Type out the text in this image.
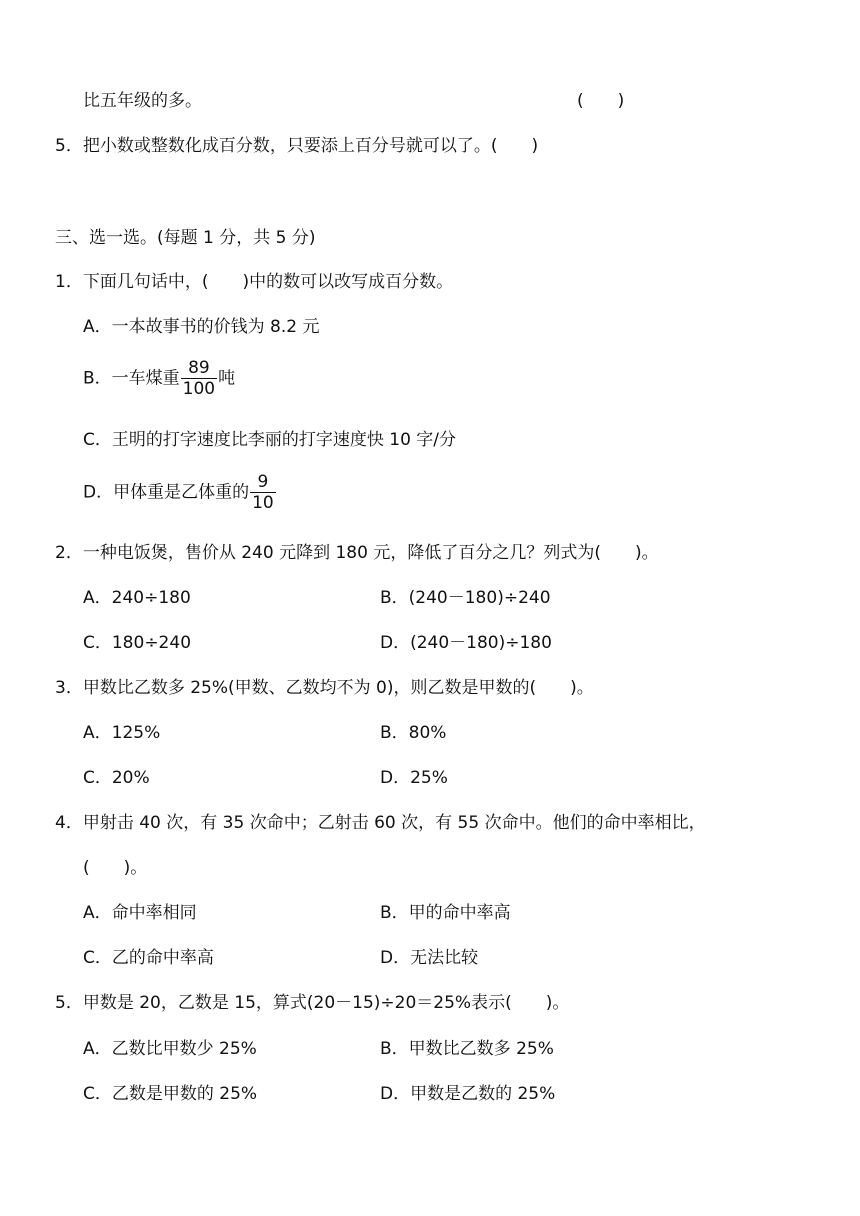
比五年级的多。	(　　)
5．把小数或整数化成百分数，只要添上百分号就可以了。(　　)
三、选一选。(每题 1 分，共 5 分)
1．下面几句话中，(　　)中的数可以改写成百分数。
A．一本故事书的价钱为 8.2 元
B．一车煤重 $\frac{89}{100}$ 吨
C．王明的打字速度比李丽的打字速度快 10 字/分
D．甲体重是乙体重的 $\frac{9}{10}$
2．一种电饭煲，售价从 240 元降到 180 元，降低了百分之几？列式为(　　)。
A．240÷180	B．(240－180)÷240
C．180÷240	D．(240－180)÷180
3．甲数比乙数多 25%(甲数、乙数均不为 0)，则乙数是甲数的(　　)。
A．125%	B．80%
C．20%	D．25%
4．甲射击 40 次，有 35 次命中；乙射击 60 次，有 55 次命中。他们的命中率相比，
(　　)。
A．命中率相同	B．甲的命中率高
C．乙的命中率高	D．无法比较
5．甲数是 20，乙数是 15，算式(20－15)÷20＝25%表示(　　)。
A．乙数比甲数少 25%	B．甲数比乙数多 25%
C．乙数是甲数的 25%	D．甲数是乙数的 25%
